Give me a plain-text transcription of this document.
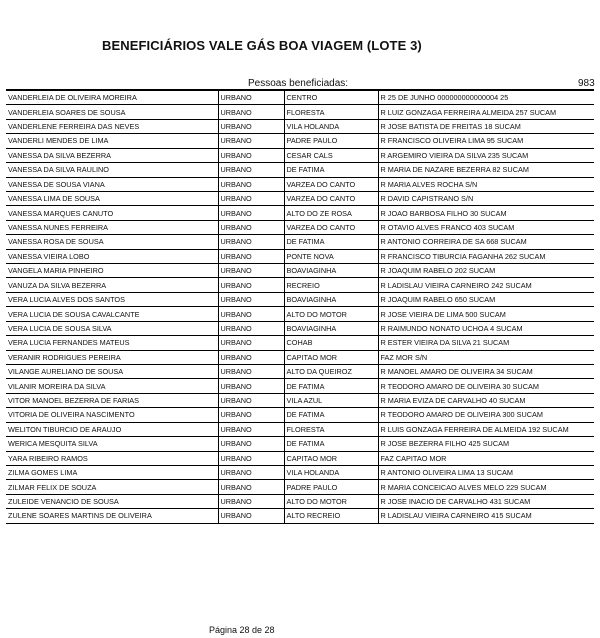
BENEFICIÁRIOS VALE GÁS BOA VIAGEM (LOTE 3)
Pessoas beneficiadas:	983
VANDERLEIA DE OLIVEIRA MOREIRA	URBANO	CENTRO	R 25 DE JUNHO 000000000000004 25
VANDERLEIA SOARES DE SOUSA	URBANO	FLORESTA	R LUIZ GONZAGA FERREIRA ALMEIDA 257 SUCAM
VANDERLENE FERREIRA DAS NEVES	URBANO	VILA HOLANDA	R JOSE BATISTA DE FREITAS 18 SUCAM
VANDERLI MENDES DE LIMA	URBANO	PADRE PAULO	R FRANCISCO OLIVEIRA LIMA 95 SUCAM
VANESSA DA SILVA BEZERRA	URBANO	CESAR CALS	R ARGEMIRO VIEIRA DA SILVA 235 SUCAM
VANESSA DA SILVA RAULINO	URBANO	DE FATIMA	R MARIA DE NAZARE BEZERRA 82 SUCAM
VANESSA DE SOUSA VIANA	URBANO	VARZEA DO CANTO	R MARIA ALVES ROCHA S/N
VANESSA LIMA DE SOUSA	URBANO	VARZEA DO CANTO	R DAVID CAPISTRANO S/N
VANESSA MARQUES CANUTO	URBANO	ALTO DO ZE ROSA	R JOAO BARBOSA FILHO 30 SUCAM
VANESSA NUNES FERREIRA	URBANO	VARZEA DO CANTO	R OTAVIO ALVES FRANCO 403 SUCAM
VANESSA ROSA DE SOUSA	URBANO	DE FATIMA	R ANTONIO CORREIRA DE SA 668 SUCAM
VANESSA VIEIRA LOBO	URBANO	PONTE NOVA	R FRANCISCO TIBURCIA FAGANHA 262 SUCAM
VANGELA MARIA PINHEIRO	URBANO	BOAVIAGINHA	R JOAQUIM RABELO 202 SUCAM
VANUZA DA SILVA BEZERRA	URBANO	RECREIO	R LADISLAU VIEIRA CARNEIRO 242 SUCAM
VERA LUCIA ALVES DOS SANTOS	URBANO	BOAVIAGINHA	R JOAQUIM RABELO 650 SUCAM
VERA LUCIA DE SOUSA CAVALCANTE	URBANO	ALTO DO MOTOR	R JOSE VIEIRA DE LIMA 500 SUCAM
VERA LUCIA DE SOUSA SILVA	URBANO	BOAVIAGINHA	R RAIMUNDO NONATO UCHOA 4 SUCAM
VERA LUCIA FERNANDES MATEUS	URBANO	COHAB	R ESTER VIEIRA DA SILVA 21 SUCAM
VERANIR RODRIGUES PEREIRA	URBANO	CAPITAO MOR	FAZ MOR S/N
VILANGE AURELIANO DE SOUSA	URBANO	ALTO DA QUEIROZ	R MANOEL AMARO DE OLIVEIRA 34 SUCAM
VILANIR MOREIRA DA SILVA	URBANO	DE FATIMA	R TEODORO AMARO DE OLIVEIRA 30 SUCAM
VITOR MANOEL BEZERRA DE FARIAS	URBANO	VILA AZUL	R MARIA EVIZA DE CARVALHO 40 SUCAM
VITORIA DE OLIVEIRA NASCIMENTO	URBANO	DE FATIMA	R TEODORO AMARO DE OLIVEIRA 300 SUCAM
WELITON TIBURCIO DE ARAUJO	URBANO	FLORESTA	R LUIS GONZAGA FERREIRA DE ALMEIDA 192 SUCAM
WERICA MESQUITA SILVA	URBANO	DE FATIMA	R JOSE BEZERRA FILHO 425 SUCAM
YARA RIBEIRO RAMOS	URBANO	CAPITAO MOR	FAZ CAPITAO MOR
ZILMA GOMES LIMA	URBANO	VILA HOLANDA	R ANTONIO OLIVEIRA LIMA 13 SUCAM
ZILMAR FELIX DE SOUZA	URBANO	PADRE PAULO	R MARIA CONCEICAO ALVES MELO 229 SUCAM
ZULEIDE VENANCIO DE SOUSA	URBANO	ALTO DO MOTOR	R JOSE INACIO DE CARVALHO 431 SUCAM
ZULENE SOARES MARTINS DE OLIVEIRA	URBANO	ALTO RECREIO	R LADISLAU VIEIRA CARNEIRO 415 SUCAM
Página 28 de 28
